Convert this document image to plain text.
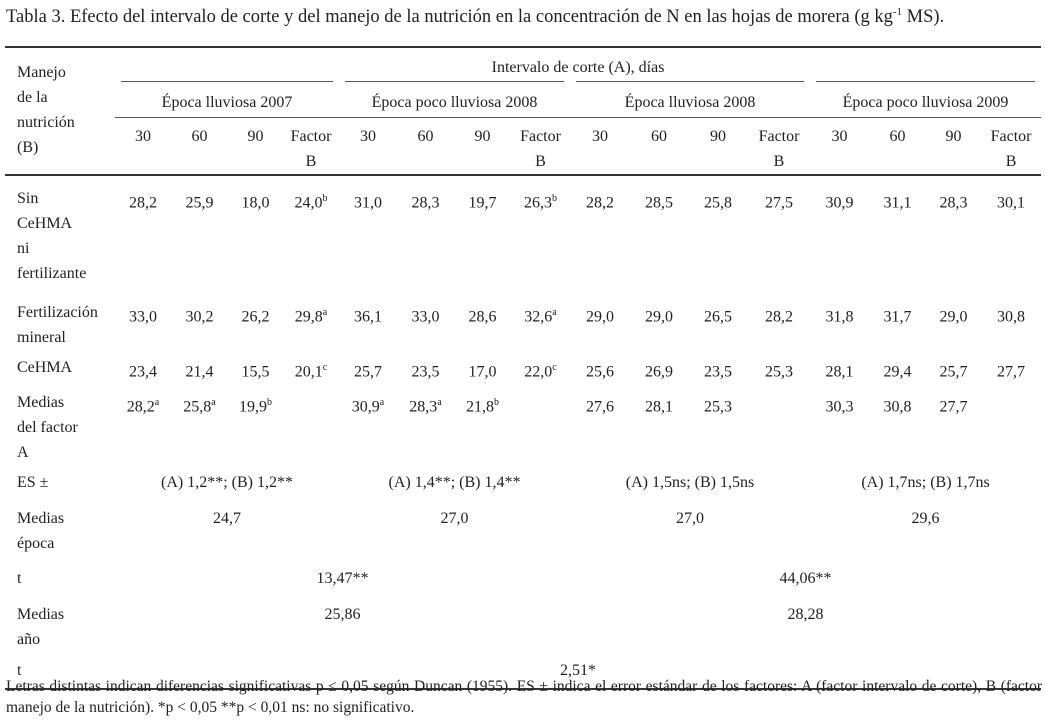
Tabla 3. Efecto del intervalo de corte y del manejo de la nutrición en la concentración de N en las hojas de morera (g $kg^{-1}$ MS).
Manejo
de la
nutrición
(B)	Intervalo de corte (A), días															

	Época lluviosa 2007				Época poco lluviosa 2008				Época lluviosa 2008				Época poco lluviosa 2009			

	30	60	90	Factor B	30	60	90	Factor B	30	60	90	Factor B	30	60	90	Factor B

Sin
CeHMA
ni
fertilizante	28,2	25,9	18,0	24,0$^b$	31,0	28,3	19,7	26,3$^b$	28,2	28,5	25,8	27,5	30,9	31,1	28,3	30,1
Fertilización
mineral	33,0	30,2	26,2	29,8$^a$	36,1	33,0	28,6	32,6$^a$	29,0	29,0	26,5	28,2	31,8	31,7	29,0	30,8
CeHMA	23,4	21,4	15,5	20,1$^c$	25,7	23,5	17,0	22,0$^c$	25,6	26,9	23,5	25,3	28,1	29,4	25,7	27,7
Medias
del factor
A	28,2$^a$	25,8$^a$	19,9$^b$		30,9$^a$	28,3$^a$	21,8$^b$		27,6	28,1	25,3		30,3	30,8	27,7	
ES ±	(A) 1,2**; (B) 1,2**				(A) 1,4**; (B) 1,4**				(A) 1,5ns; (B) 1,5ns				(A) 1,7ns; (B) 1,7ns			
Medias
época	24,7				27,0				27,0				29,6			
t	13,47**								44,06**							
Medias
año	25,86								28,28							
t	2,51*															
Letras distintas indican diferencias significativas p ≤ 0,05 según Duncan (1955). ES ± indica el error estándar de los factores: A (factor intervalo de corte), B (factor manejo de la nutrición). *p < 0,05 **p < 0,01 ns: no significativo.
